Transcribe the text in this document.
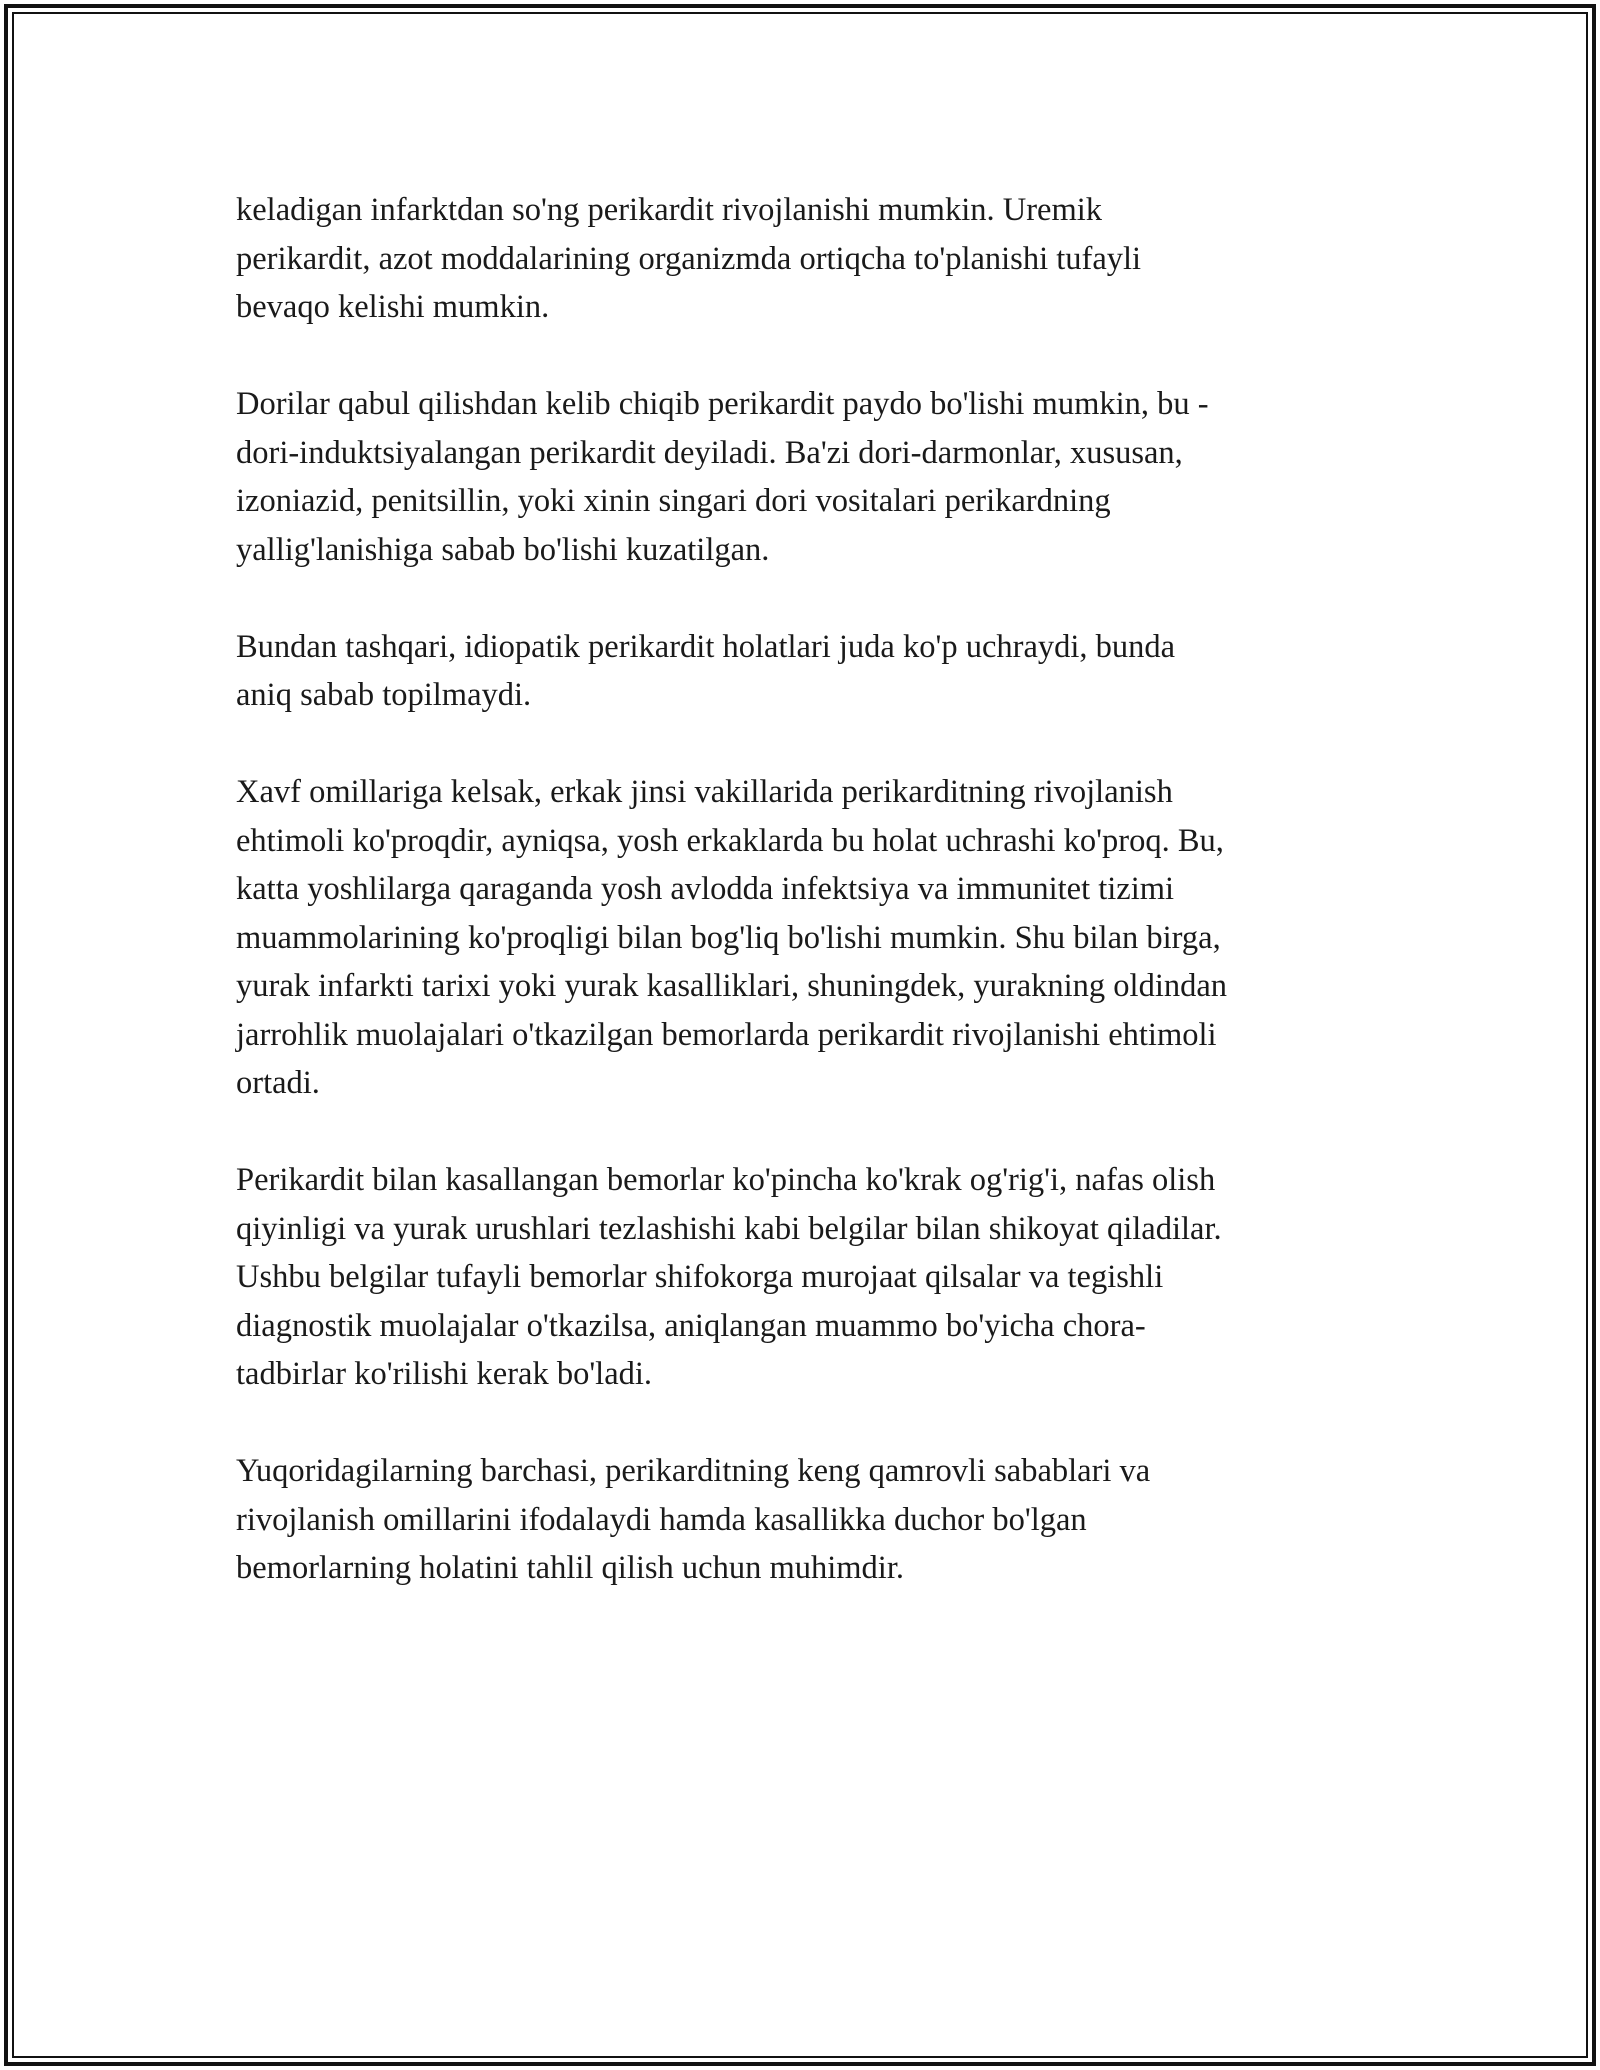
keladigan infarktdan so'ng perikardit rivojlanishi mumkin. Uremik
perikardit, azot moddalarining organizmda ortiqcha to'planishi tufayli
bevaqo kelishi mumkin.
Dorilar qabul qilishdan kelib chiqib perikardit paydo bo'lishi mumkin, bu -
dori-induktsiyalangan perikardit deyiladi. Ba'zi dori-darmonlar, xususan,
izoniazid, penitsillin, yoki xinin singari dori vositalari perikardning
yallig'lanishiga sabab bo'lishi kuzatilgan.
Bundan tashqari, idiopatik perikardit holatlari juda ko'p uchraydi, bunda
aniq sabab topilmaydi.
Xavf omillariga kelsak, erkak jinsi vakillarida perikarditning rivojlanish
ehtimoli ko'proqdir, ayniqsa, yosh erkaklarda bu holat uchrashi ko'proq. Bu,
katta yoshlilarga qaraganda yosh avlodda infektsiya va immunitet tizimi
muammolarining ko'proqligi bilan bog'liq bo'lishi mumkin. Shu bilan birga,
yurak infarkti tarixi yoki yurak kasalliklari, shuningdek, yurakning oldindan
jarrohlik muolajalari o'tkazilgan bemorlarda perikardit rivojlanishi ehtimoli
ortadi.
Perikardit bilan kasallangan bemorlar ko'pincha ko'krak og'rig'i, nafas olish
qiyinligi va yurak urushlari tezlashishi kabi belgilar bilan shikoyat qiladilar.
Ushbu belgilar tufayli bemorlar shifokorga murojaat qilsalar va tegishli
diagnostik muolajalar o'tkazilsa, aniqlangan muammo bo'yicha chora-
tadbirlar ko'rilishi kerak bo'ladi.
Yuqoridagilarning barchasi, perikarditning keng qamrovli sabablari va
rivojlanish omillarini ifodalaydi hamda kasallikka duchor bo'lgan
bemorlarning holatini tahlil qilish uchun muhimdir.
